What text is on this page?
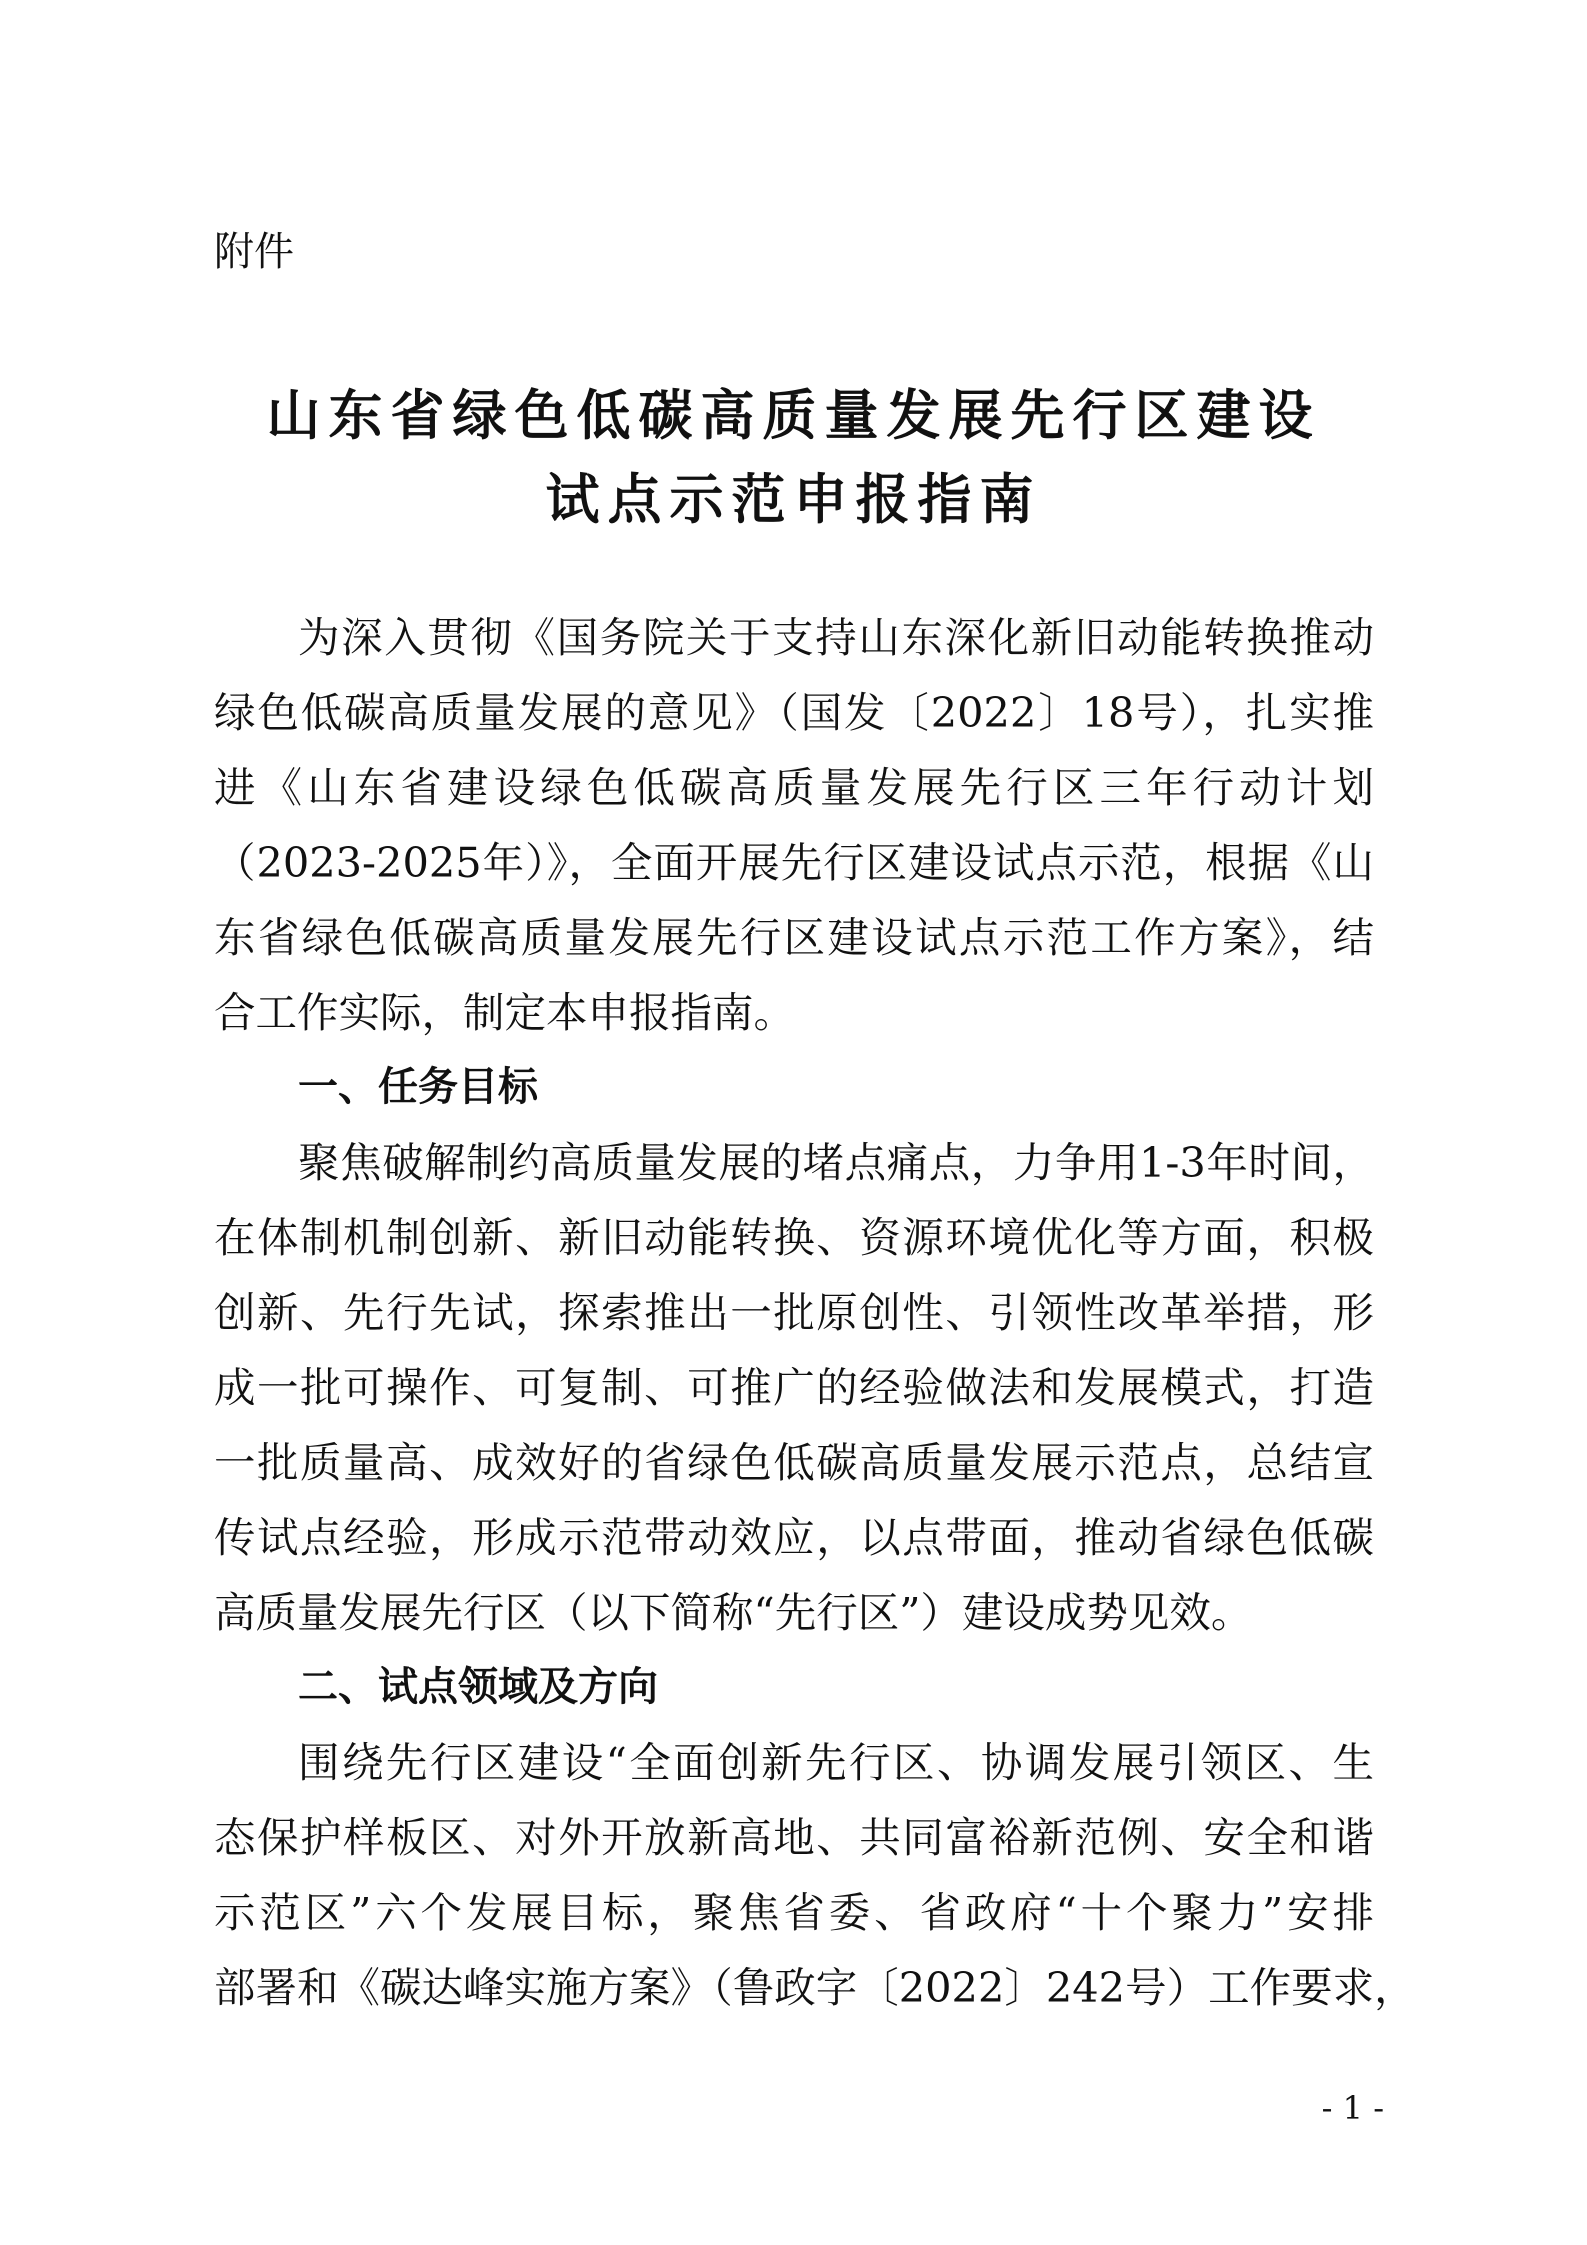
附件
山东省绿色低碳高质量发展先行区建设
试点示范申报指南
为深入贯彻《国务院关于支持山东深化新旧动能转换推动
绿色低碳高质量发展的意见》（国发〔2022〕18号），扎实推
进《山东省建设绿色低碳高质量发展先行区三年行动计划
（2023-2025年）》，全面开展先行区建设试点示范，根据《山
东省绿色低碳高质量发展先行区建设试点示范工作方案》，结
合工作实际，制定本申报指南。
一、任务目标
聚焦破解制约高质量发展的堵点痛点，力争用1-3年时间，
在体制机制创新、新旧动能转换、资源环境优化等方面，积极
创新、先行先试，探索推出一批原创性、引领性改革举措，形
成一批可操作、可复制、可推广的经验做法和发展模式，打造
一批质量高、成效好的省绿色低碳高质量发展示范点，总结宣
传试点经验，形成示范带动效应，以点带面，推动省绿色低碳
高质量发展先行区（以下简称“先行区”）建设成势见效。
二、试点领域及方向
围绕先行区建设“全面创新先行区、协调发展引领区、生
态保护样板区、对外开放新高地、共同富裕新范例、安全和谐
示范区”六个发展目标，聚焦省委、省政府“十个聚力”安排
部署和《碳达峰实施方案》（鲁政字〔2022〕242号）工作要求，
- 1 -
